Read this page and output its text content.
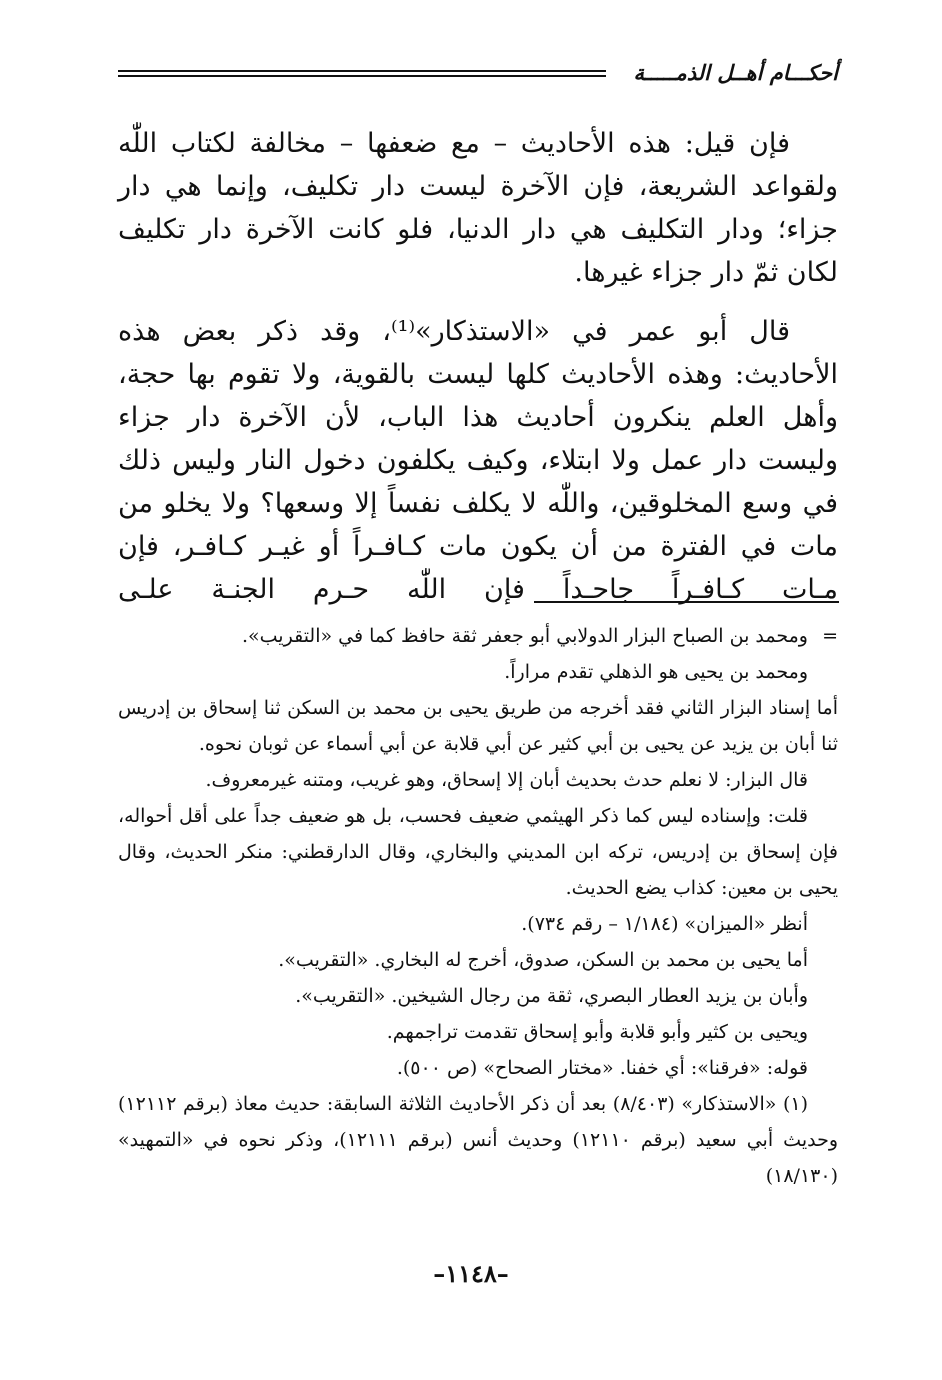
أحكـــام أهــل الذمـــــة

فإن قيل: هذه الأحاديث – مع ضعفها – مخالفة لكتاب اللّٰه ولقواعد الشريعة، فإن الآخرة ليست دار تكليف، وإنما هي دار جزاء؛ ودار التكليف هي دار الدنيا، فلو كانت الآخرة دار تكليف لكان ثمّ دار جزاء غيرها.

قال أبو عمر في «الاستذكار»⁽¹⁾، وقد ذكر بعض هذه الأحاديث: وهذه الأحاديث كلها ليست بالقوية، ولا تقوم بها حجة، وأهل العلم ينكرون أحاديث هذا الباب، لأن الآخرة دار جزاء وليست دار عمل ولا ابتلاء، وكيف يكلفون دخول النار وليس ذلك في وسع المخلوقين، واللّٰه لا يكلف نفساً إلا وسعها؟ ولا يخلو من مات في الفترة من أن يكون مات كـافـراً أو غيـر كـافـر، فإن مـات كـافـراً جاحـداً فإن اللّٰه حـرم الجنـة علـى

=ومحمد بن الصباح البزار الدولابي أبو جعفر ثقة حافظ كما في «التقريب».

ومحمد بن يحيى هو الذهلي تقدم مراراً.

أما إسناد البزار الثاني فقد أخرجه من طريق يحيى بن محمد بن السكن ثنا إسحاق بن إدريس ثنا أبان بن يزيد عن يحيى بن أبي كثير عن أبي قلابة عن أبي أسماء عن ثوبان نحوه.

قال البزار: لا نعلم حدث بحديث أبان إلا إسحاق، وهو غريب، ومتنه غيرمعروف.

قلت: وإسناده ليس كما ذكر الهيثمي ضعيف فحسب، بل هو ضعيف جداً على أقل أحواله، فإن إسحاق بن إدريس، تركه ابن المديني والبخاري، وقال الدارقطني: منكر الحديث، وقال يحيى بن معين: كذاب يضع الحديث.

أنظر «الميزان» (١/١٨٤ – رقم ٧٣٤).

أما يحيى بن محمد بن السكن، صدوق، أخرج له البخاري. «التقريب».

وأبان بن يزيد العطار البصري، ثقة من رجال الشيخين. «التقريب».

ويحيى بن كثير وأبو قلابة وأبو إسحاق تقدمت تراجمهم.

قوله: «فرقنا»: أي خفنا. «مختار الصحاح» (ص ٥٠٠).

(١) «الاستذكار» (٨/٤٠٣) بعد أن ذكر الأحاديث الثلاثة السابقة: حديث معاذ (برقم ١٢١١٢) وحديث أبي سعيد (برقم ١٢١١٠) وحديث أنس (برقم ١٢١١١)، وذكر نحوه في «التمهيد» (١٨/١٣٠)

–١١٤٨–
